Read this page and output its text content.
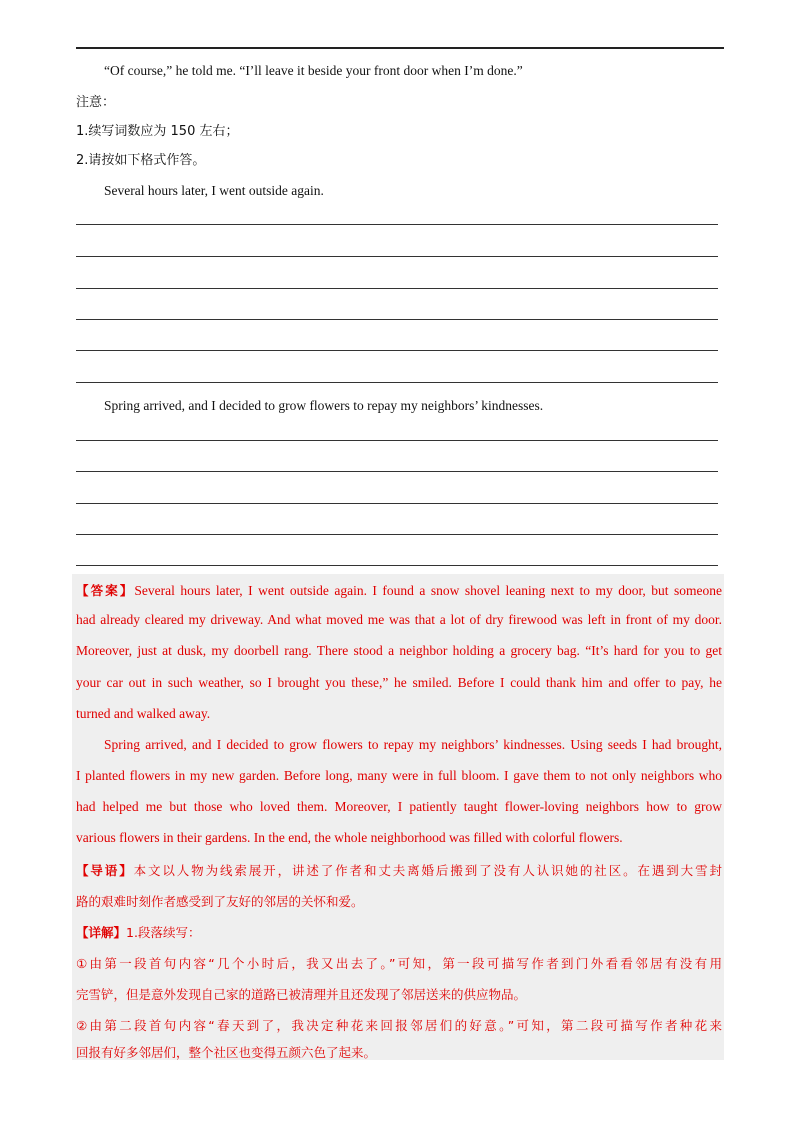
“Of course,” he told me. “I’ll leave it beside your front door when I’m done.”
注意：
1.续写词数应为 150 左右；
2.请按如下格式作答。
Several hours later, I went outside again.
Spring arrived, and I decided to grow flowers to repay my neighbors’ kindnesses.
【答案】Several hours later, I went outside again. I found a snow shovel leaning next to my door, but someone
had already cleared my driveway. And what moved me was that a lot of dry firewood was left in front of my door.
Moreover, just at dusk, my doorbell rang. There stood a neighbor holding a grocery bag. “It’s hard for you to get
your car out in such weather, so I brought you these,” he smiled. Before I could thank him and offer to pay, he
turned and walked away.
Spring arrived, and I decided to grow flowers to repay my neighbors’ kindnesses. Using seeds I had brought,
I planted flowers in my new garden. Before long, many were in full bloom. I gave them to not only neighbors who
had helped me but those who loved them. Moreover, I patiently taught flower-loving neighbors how to grow
various flowers in their gardens. In the end, the whole neighborhood was filled with colorful flowers.
【导语】本文以人物为线索展开，讲述了作者和丈夫离婚后搬到了没有人认识她的社区。在遇到大雪封
路的艰难时刻作者感受到了友好的邻居的关怀和爱。
【详解】1.段落续写：
①由第一段首句内容“几个小时后，我又出去了。”可知，第一段可描写作者到门外看看邻居有没有用
完雪铲，但是意外发现自己家的道路已被清理并且还发现了邻居送来的供应物品。
②由第二段首句内容“春天到了，我决定种花来回报邻居们的好意。”可知，第二段可描写作者种花来
回报有好多邻居们，整个社区也变得五颜六色了起来。
